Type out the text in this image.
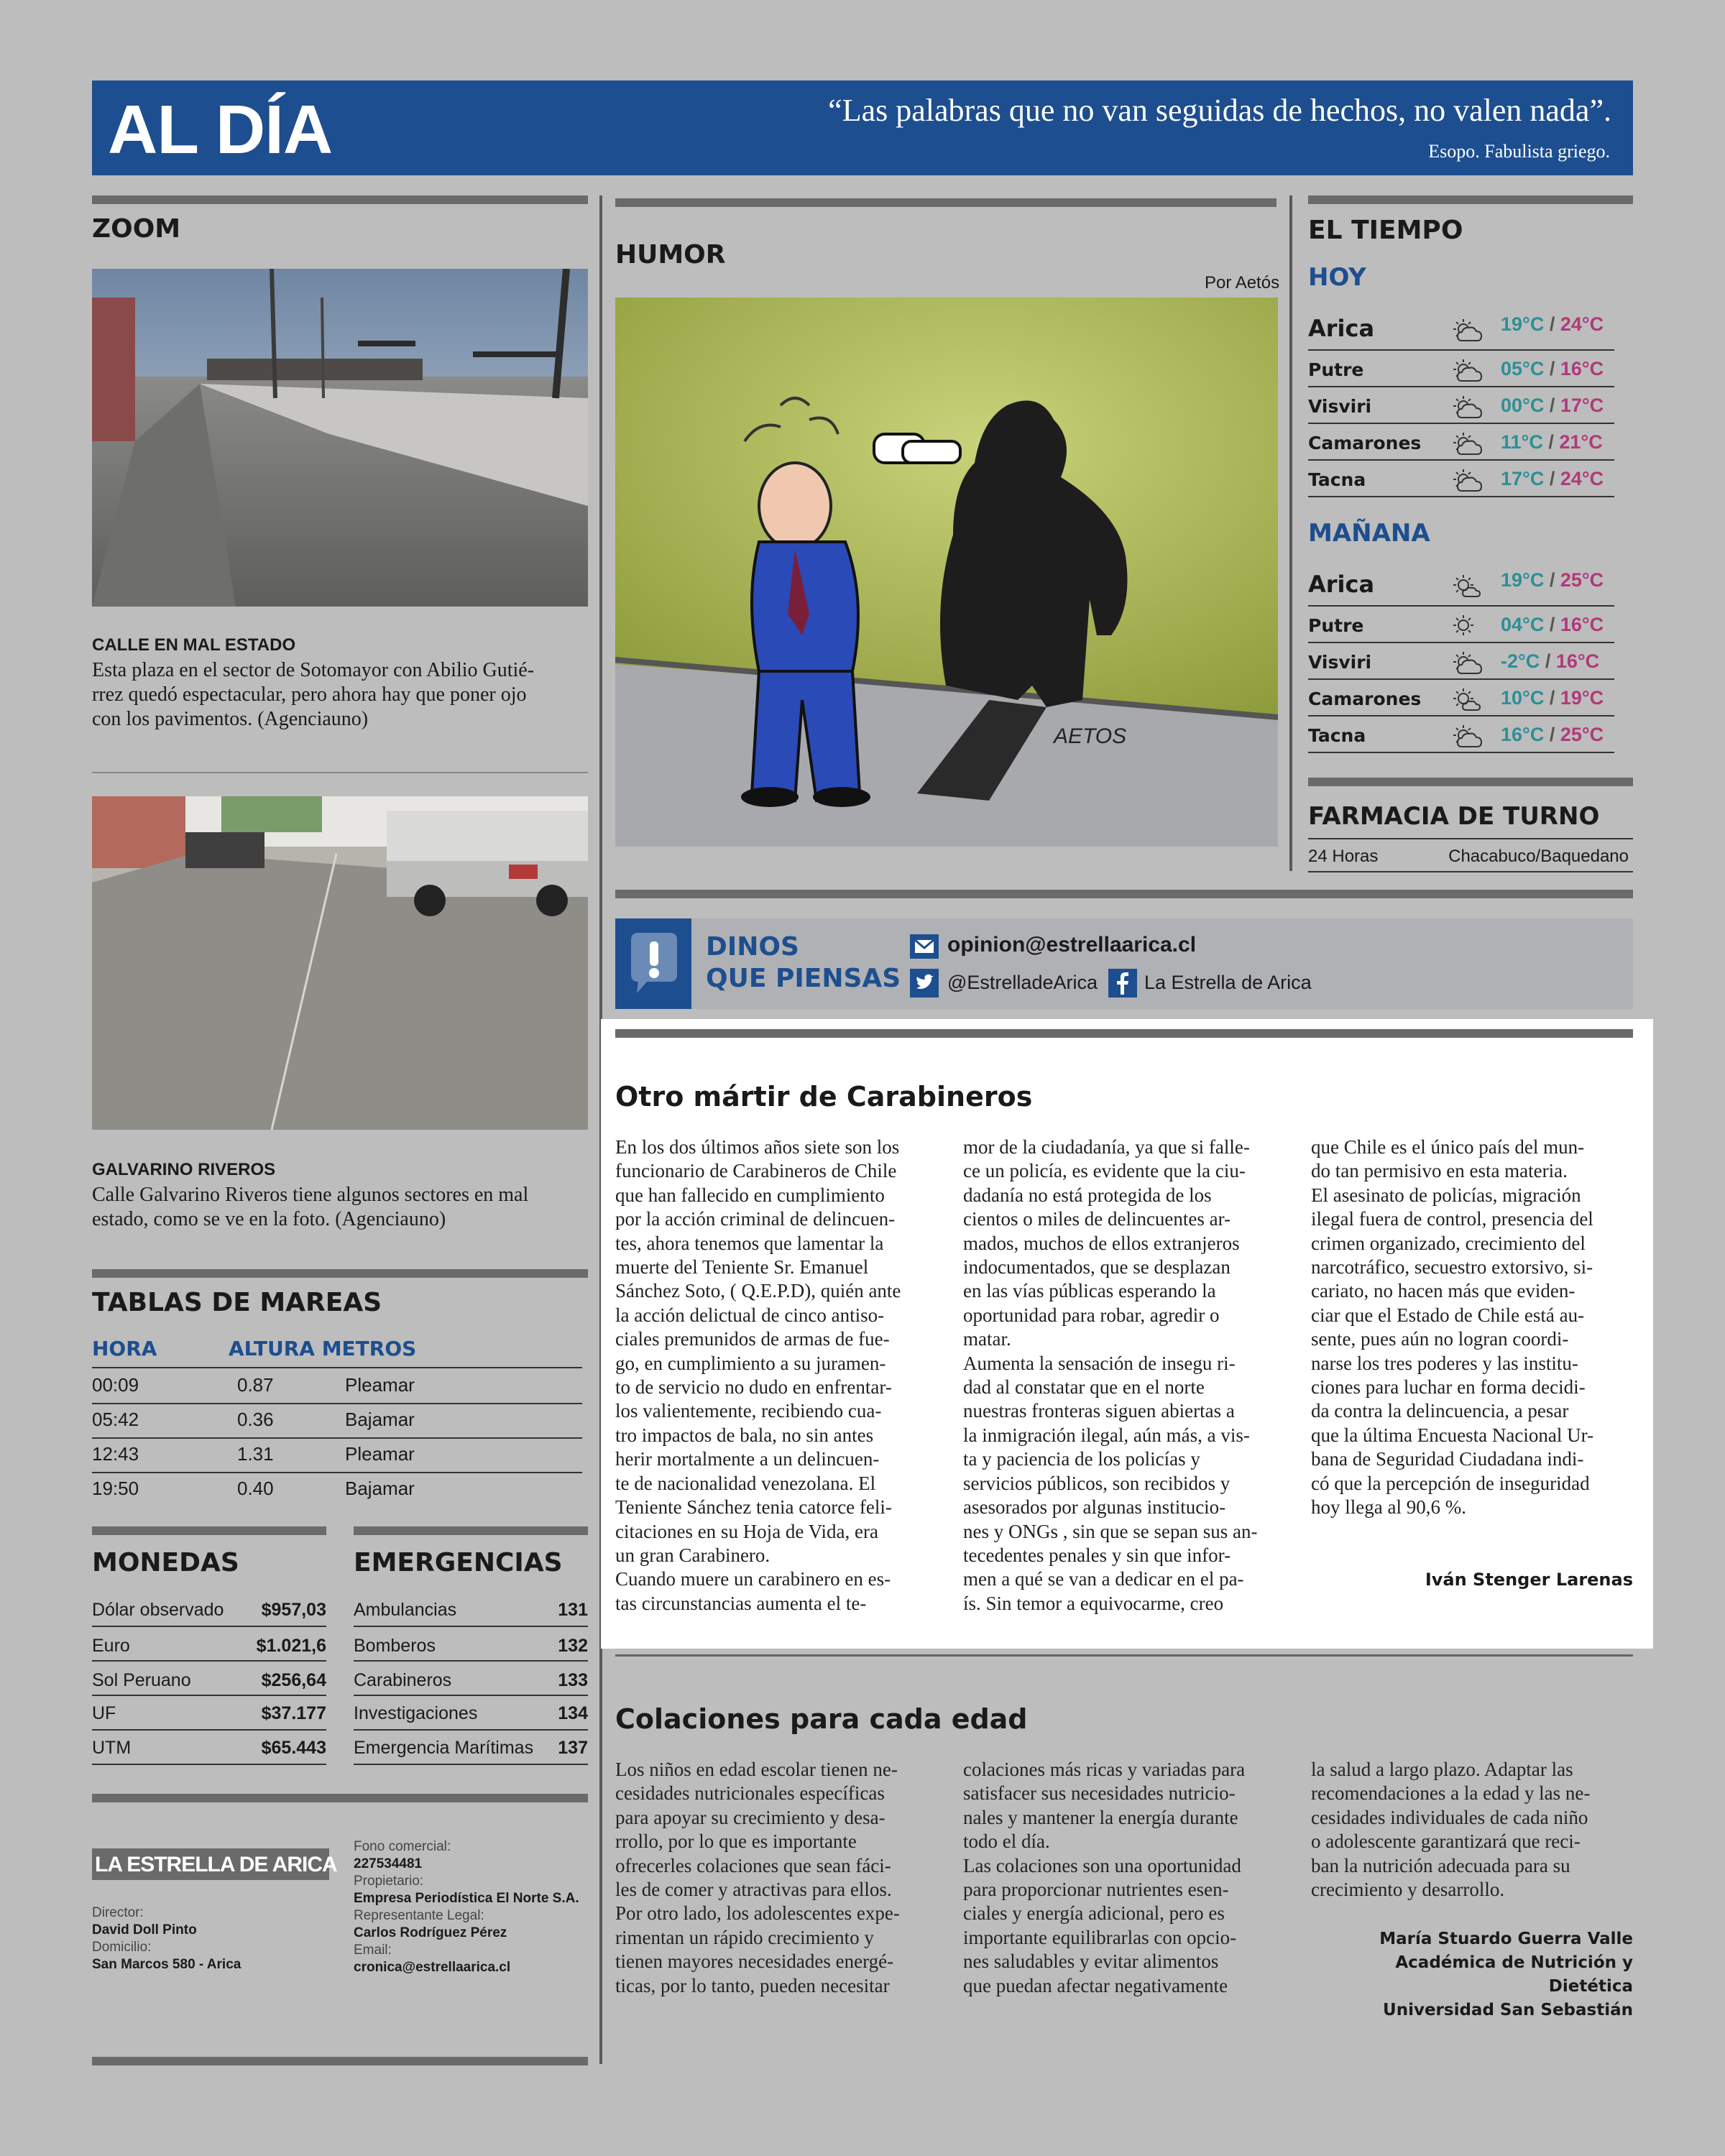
AL DÍA	“Las palabras que no van seguidas de hechos, no valen nada”.
Esopo. Fabulista griego.
ZOOM
CALLE EN MAL ESTADO
Esta plaza en el sector de Sotomayor con Abilio Gutié-
rrez quedó espectacular, pero ahora hay que poner ojo
con los pavimentos. (Agenciauno)
GALVARINO RIVEROS
Calle Galvarino Riveros tiene algunos sectores en mal
estado, como se ve en la foto. (Agenciauno)
TABLAS DE MAREAS
HORA	ALTURA METROS
00:09	0.87	Pleamar
05:42	0.36	Bajamar
12:43	1.31	Pleamar
19:50	0.40	Bajamar
MONEDAS
Dólar observado $957,03
Euro	$1.021,6
Sol Peruano	$256,64
UF	$37.177
UTM	$65.443
EMERGENCIAS
Ambulancias	131
Bomberos	132
Carabineros	133
Investigaciones	134
Emergencia Marítimas 137
LA ESTRELLA DE ARICA
Director:
David Doll Pinto
Domicilio:
San Marcos 580 - Arica
Fono comercial:
227534481
Propietario:
Empresa Periodística El Norte S.A.
Representante Legal:
Carlos Rodríguez Pérez
Email:
cronica@estrellaarica.cl
HUMOR
Por Aetós
AETOS
DINOS
QUE PIENSAS
opinion@estrellaarica.cl
@EstrelladeArica La Estrella de Arica
Otro mártir de Carabineros
En los dos últimos años siete son los
funcionario de Carabineros de Chile
que han fallecido en cumplimiento
por la acción criminal de delincuen-
tes, ahora tenemos que lamentar la
muerte del Teniente Sr. Emanuel
Sánchez Soto, ( Q.E.P.D), quién ante
la acción delictual de cinco antiso-
ciales premunidos de armas de fue-
go, en cumplimiento a su juramen-
to de servicio no dudo en enfrentar-
los valientemente, recibiendo cua-
tro impactos de bala, no sin antes
herir mortalmente a un delincuen-
te de nacionalidad venezolana. El
Teniente Sánchez tenia catorce feli-
citaciones en su Hoja de Vida, era
un gran Carabinero.
Cuando muere un carabinero en es-
tas circunstancias aumenta el te-
mor de la ciudadanía, ya que si falle-
ce un policía, es evidente que la ciu-
dadanía no está protegida de los
cientos o miles de delincuentes ar-
mados, muchos de ellos extranjeros
indocumentados, que se desplazan
en las vías públicas esperando la
oportunidad para robar, agredir o
matar.
Aumenta la sensación de insegu ri-
dad al constatar que en el norte
nuestras fronteras siguen abiertas a
la inmigración ilegal, aún más, a vis-
ta y paciencia de los policías y
servicios públicos, son recibidos y
asesorados por algunas institucio-
nes y ONGs , sin que se sepan sus an-
tecedentes penales y sin que infor-
men a qué se van a dedicar en el pa-
ís. Sin temor a equivocarme, creo
que Chile es el único país del mun-
do tan permisivo en esta materia.
El asesinato de policías, migración
ilegal fuera de control, presencia del
crimen organizado, crecimiento del
narcotráfico, secuestro extorsivo, si-
cariato, no hacen más que eviden-
ciar que el Estado de Chile está au-
sente, pues aún no logran coordi-
narse los tres poderes y las institu-
ciones para luchar en forma decidi-
da contra la delincuencia, a pesar
que la última Encuesta Nacional Ur-
bana de Seguridad Ciudadana indi-
có que la percepción de inseguridad
hoy llega al 90,6 %.
Iván Stenger Larenas
Colaciones para cada edad
Los niños en edad escolar tienen ne-
cesidades nutricionales específicas
para apoyar su crecimiento y desa-
rrollo, por lo que es importante
ofrecerles colaciones que sean fáci-
les de comer y atractivas para ellos.
Por otro lado, los adolescentes expe-
rimentan un rápido crecimiento y
tienen mayores necesidades energé-
ticas, por lo tanto, pueden necesitar
colaciones más ricas y variadas para
satisfacer sus necesidades nutricio-
nales y mantener la energía durante
todo el día.
Las colaciones son una oportunidad
para proporcionar nutrientes esen-
ciales y energía adicional, pero es
importante equilibrarlas con opcio-
nes saludables y evitar alimentos
que puedan afectar negativamente
la salud a largo plazo. Adaptar las
recomendaciones a la edad y las ne-
cesidades individuales de cada niño
o adolescente garantizará que reci-
ban la nutrición adecuada para su
crecimiento y desarrollo.
María Stuardo Guerra Valle
Académica de Nutrición y Dietética
Universidad San Sebastián
EL TIEMPO
HOY
Arica	19°C / 24°C
Putre	05°C / 16°C
Visviri	00°C / 17°C
Camarones	11°C / 21°C
Tacna	17°C / 24°C
MAÑANA
Arica	19°C / 25°C
Putre	04°C / 16°C
Visviri	-2°C / 16°C
Camarones	10°C / 19°C
Tacna	16°C / 25°C
FARMACIA DE TURNO
24 Horas	Chacabuco/Baquedano
